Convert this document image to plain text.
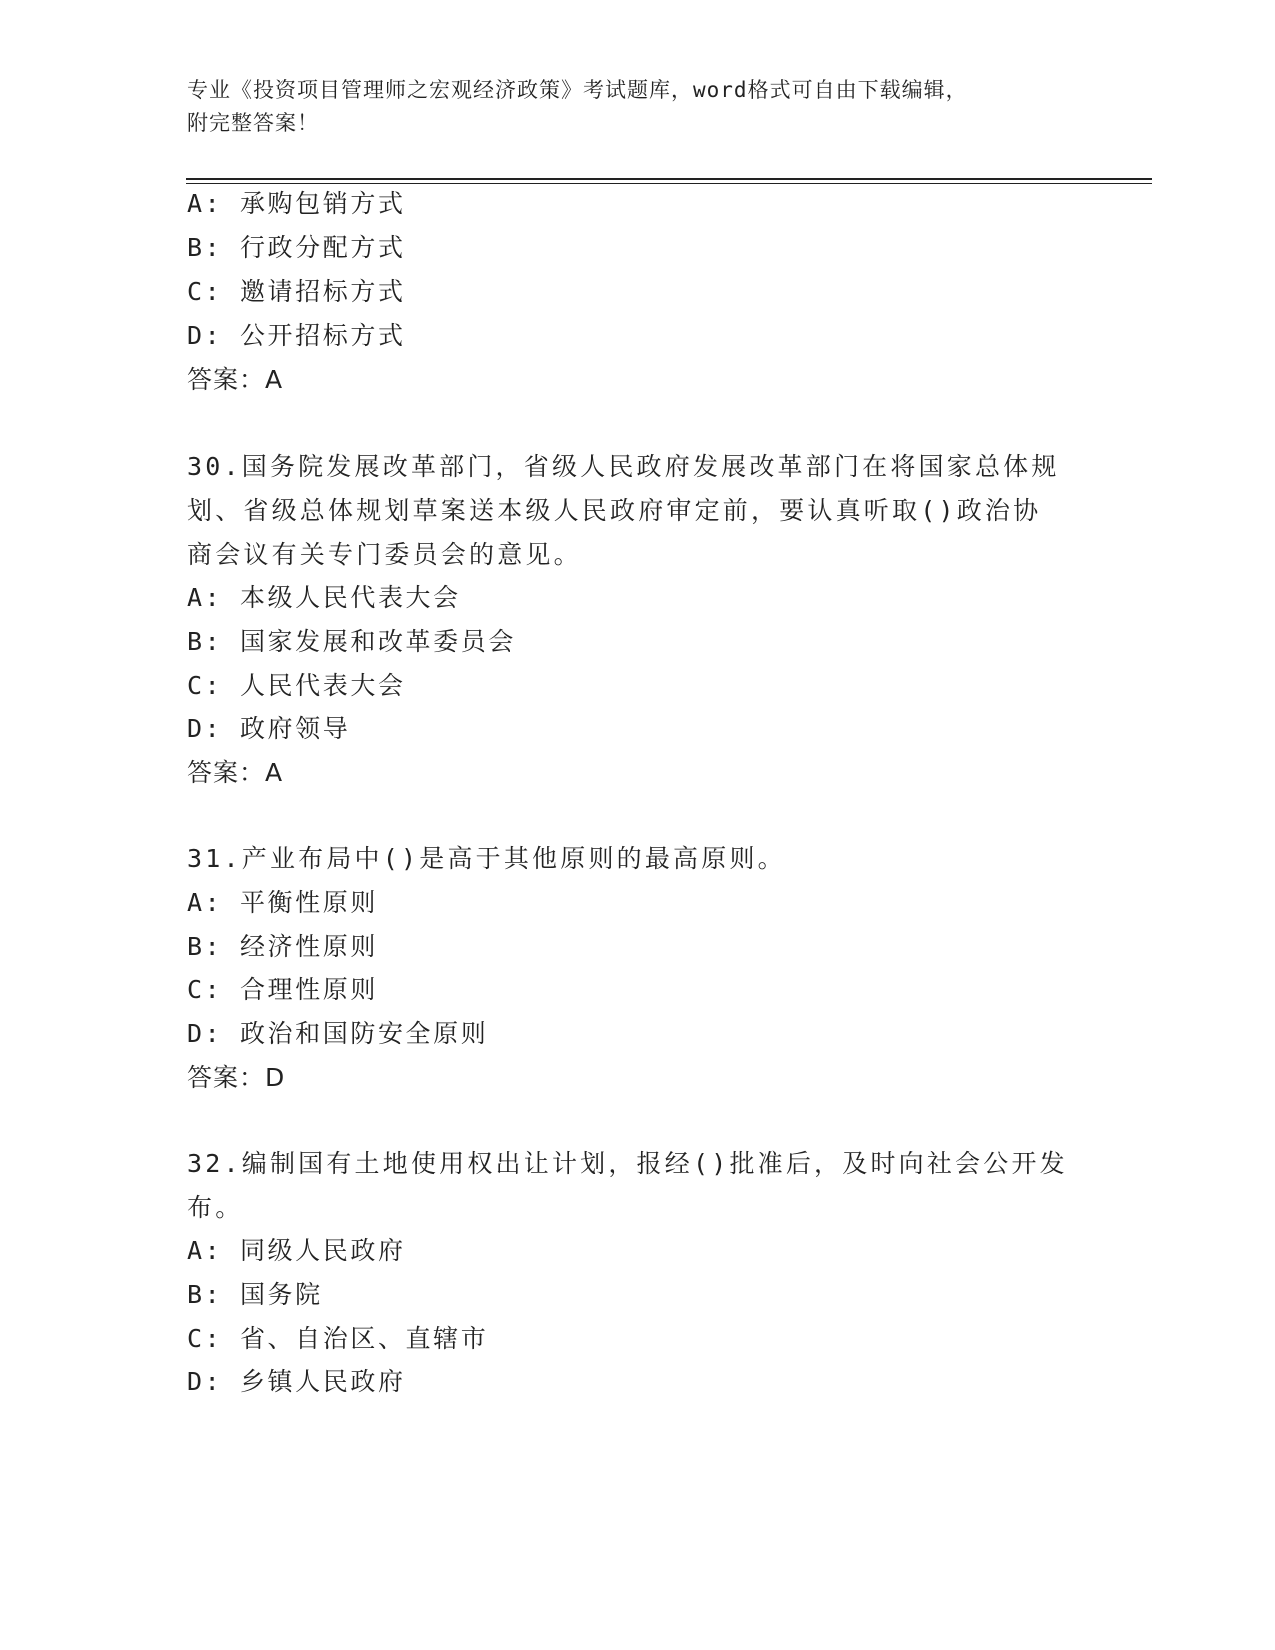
专业《投资项目管理师之宏观经济政策》考试题库，word格式可自由下载编辑，
附完整答案！
A: 承购包销方式
B: 行政分配方式
C: 邀请招标方式
D: 公开招标方式
答案：A
30.国务院发展改革部门，省级人民政府发展改革部门在将国家总体规
划、省级总体规划草案送本级人民政府审定前，要认真听取()政治协
商会议有关专门委员会的意见。
A: 本级人民代表大会
B: 国家发展和改革委员会
C: 人民代表大会
D: 政府领导
答案：A
31.产业布局中()是高于其他原则的最高原则。
A: 平衡性原则
B: 经济性原则
C: 合理性原则
D: 政治和国防安全原则
答案：D
32.编制国有土地使用权出让计划，报经()批准后，及时向社会公开发
布。
A: 同级人民政府
B: 国务院
C: 省、自治区、直辖市
D: 乡镇人民政府
